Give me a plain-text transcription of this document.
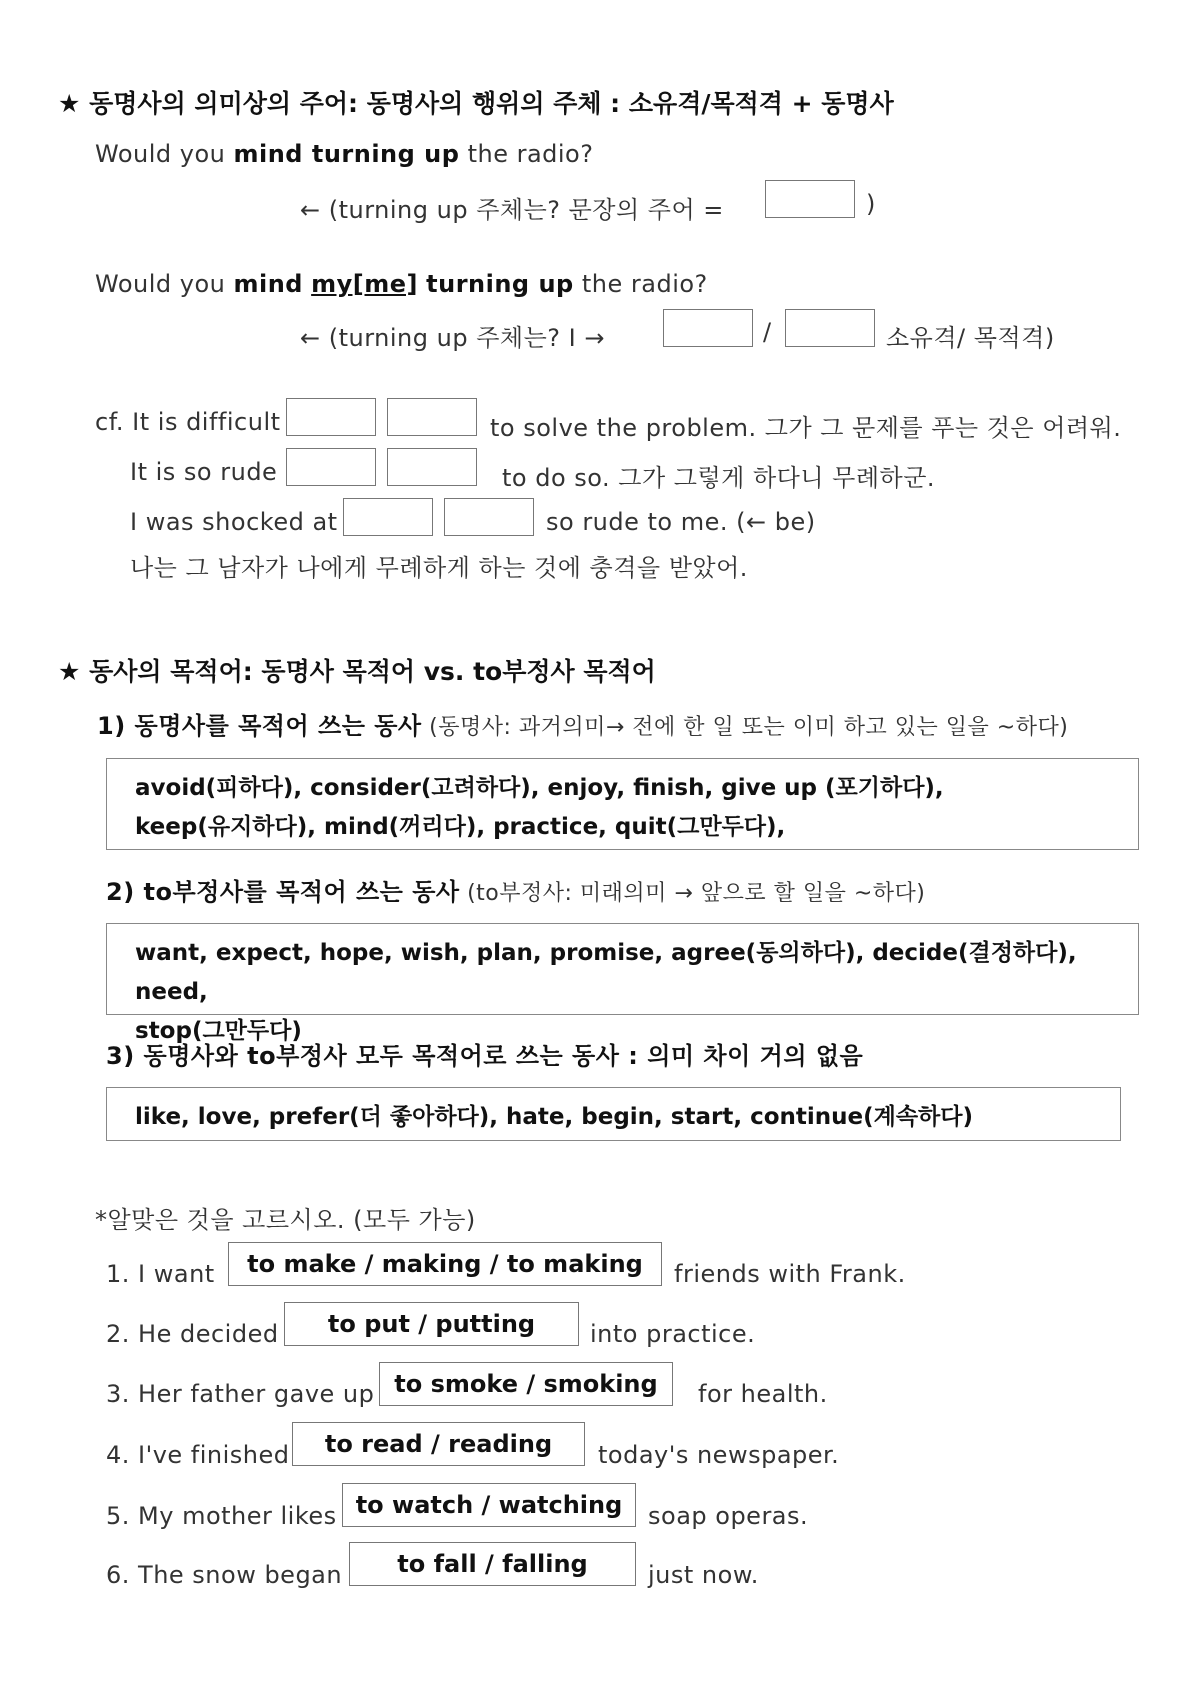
★ 동명사의 의미상의 주어: 동명사의 행위의 주체 : 소유격/목적격 + 동명사
Would you mind turning up the radio?
← (turning up 주체는? 문장의 주어 =	)
Would you mind my[me] turning up the radio?
← (turning up 주체는? I →	/	소유격/ 목적격)
cf. It is difficult	to solve the problem. 그가 그 문제를 푸는 것은 어려워.
It is so rude	to do so. 그가 그렇게 하다니 무례하군.
I was shocked at	so rude to me. (← be)
나는 그 남자가 나에게 무례하게 하는 것에 충격을 받았어.
★ 동사의 목적어: 동명사 목적어 vs. to부정사 목적어
1) 동명사를 목적어 쓰는 동사 (동명사: 과거의미→ 전에 한 일 또는 이미 하고 있는 일을 ~하다)
avoid(피하다), consider(고려하다), enjoy, finish, give up (포기하다),
keep(유지하다), mind(꺼리다), practice, quit(그만두다),
2) to부정사를 목적어 쓰는 동사 (to부정사: 미래의미 → 앞으로 할 일을 ~하다)
want, expect, hope, wish, plan, promise, agree(동의하다), decide(결정하다), need,
stop(그만두다)
3) 동명사와 to부정사 모두 목적어로 쓰는 동사 : 의미 차이 거의 없음
like, love, prefer(더 좋아하다), hate, begin, start, continue(계속하다)
*알맞은 것을 고르시오. (모두 가능)
1. I want	to make / making / to making	friends with Frank.
2. He decided	to put / putting	into practice.
3. Her father gave up to smoke / smoking	for health.
4. I've finished	to read / reading	today's newspaper.
5. My mother likes to watch / watching	soap operas.
6. The snow began	to fall / falling	just now.
